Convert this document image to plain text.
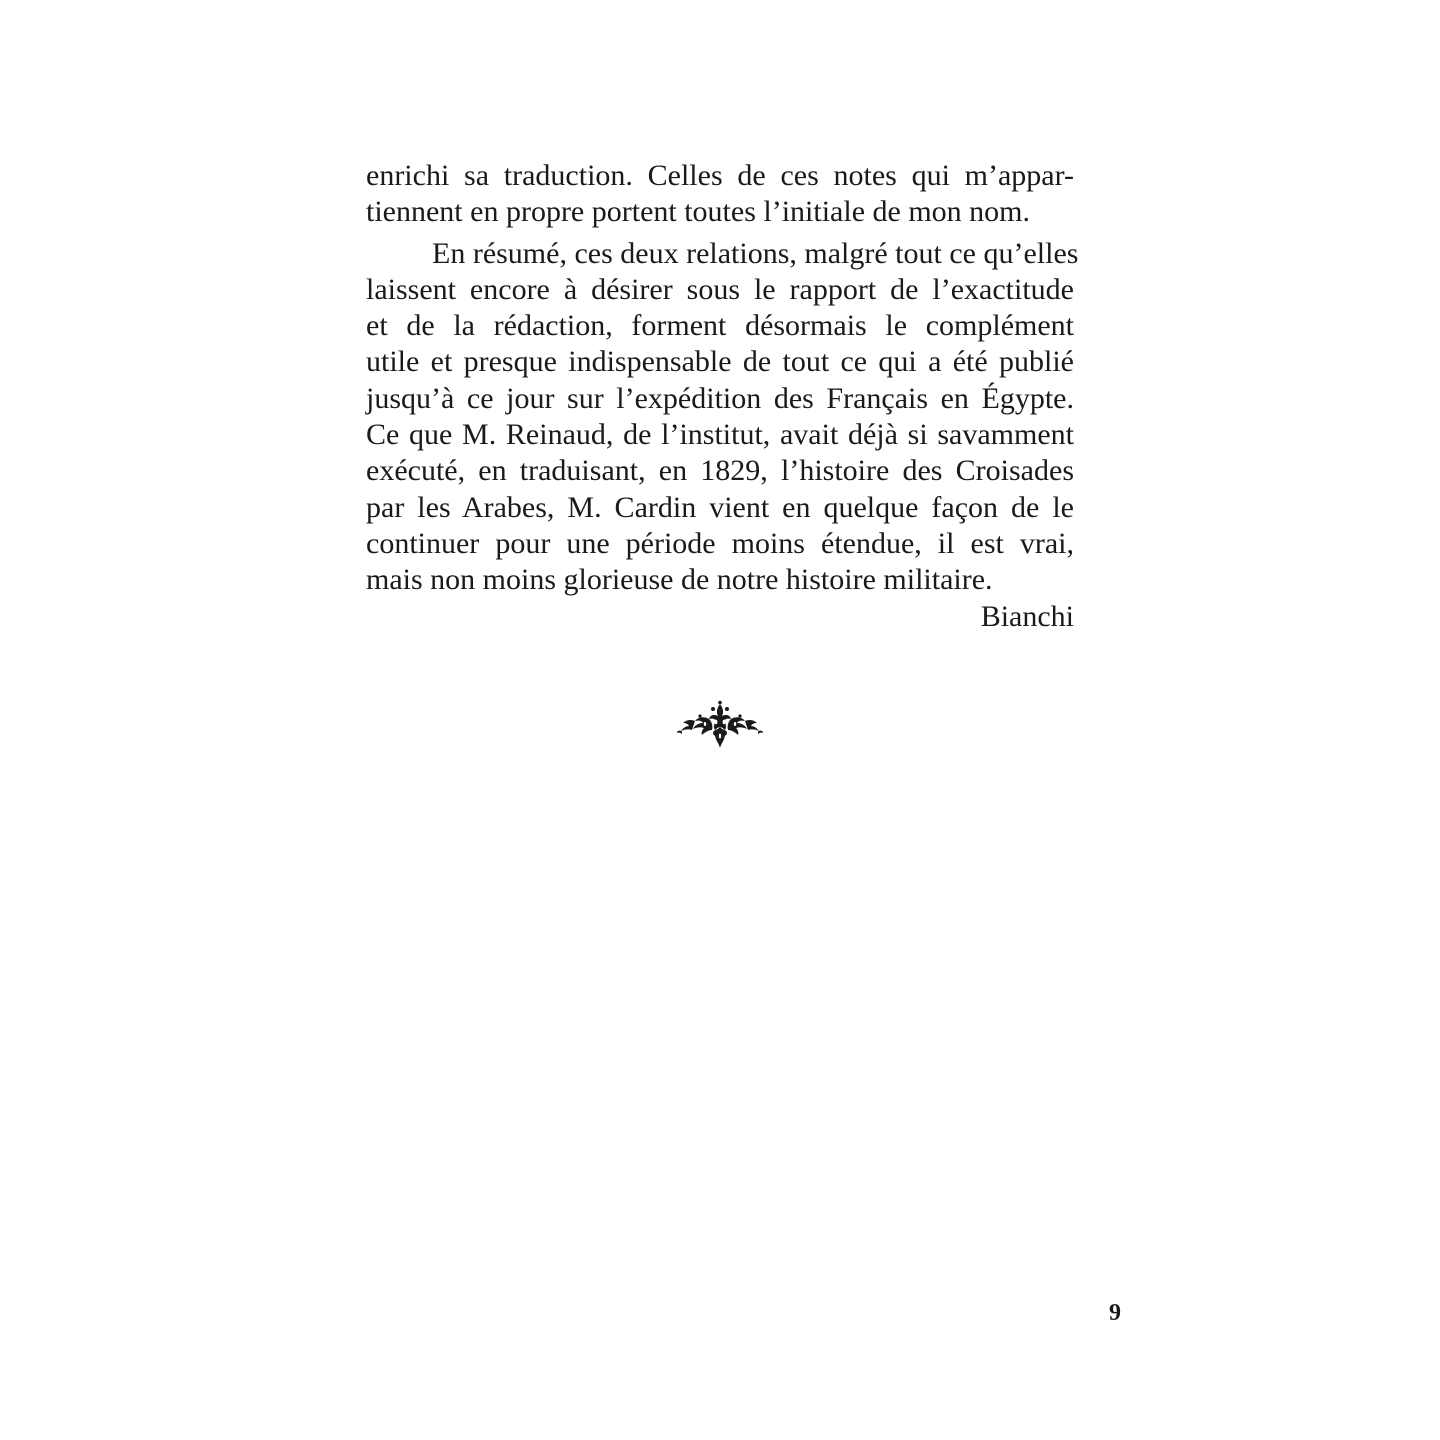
enrichi sa traduction. Celles de ces notes qui m’appar-
tiennent en propre portent toutes l’initiale de mon nom.
En résumé, ces deux relations, malgré tout ce qu’elles
laissent encore à désirer sous le rapport de l’exactitude
et de la rédaction, forment désormais le complément
utile et presque indispensable de tout ce qui a été publié
jusqu’à ce jour sur l’expédition des Français en Égypte.
Ce que M. Reinaud, de l’institut, avait déjà si savamment
exécuté, en traduisant, en 1829, l’histoire des Croisades
par les Arabes, M. Cardin vient en quelque façon de le
continuer pour une période moins étendue, il est vrai,
mais non moins glorieuse de notre histoire militaire.
Bianchi
9
